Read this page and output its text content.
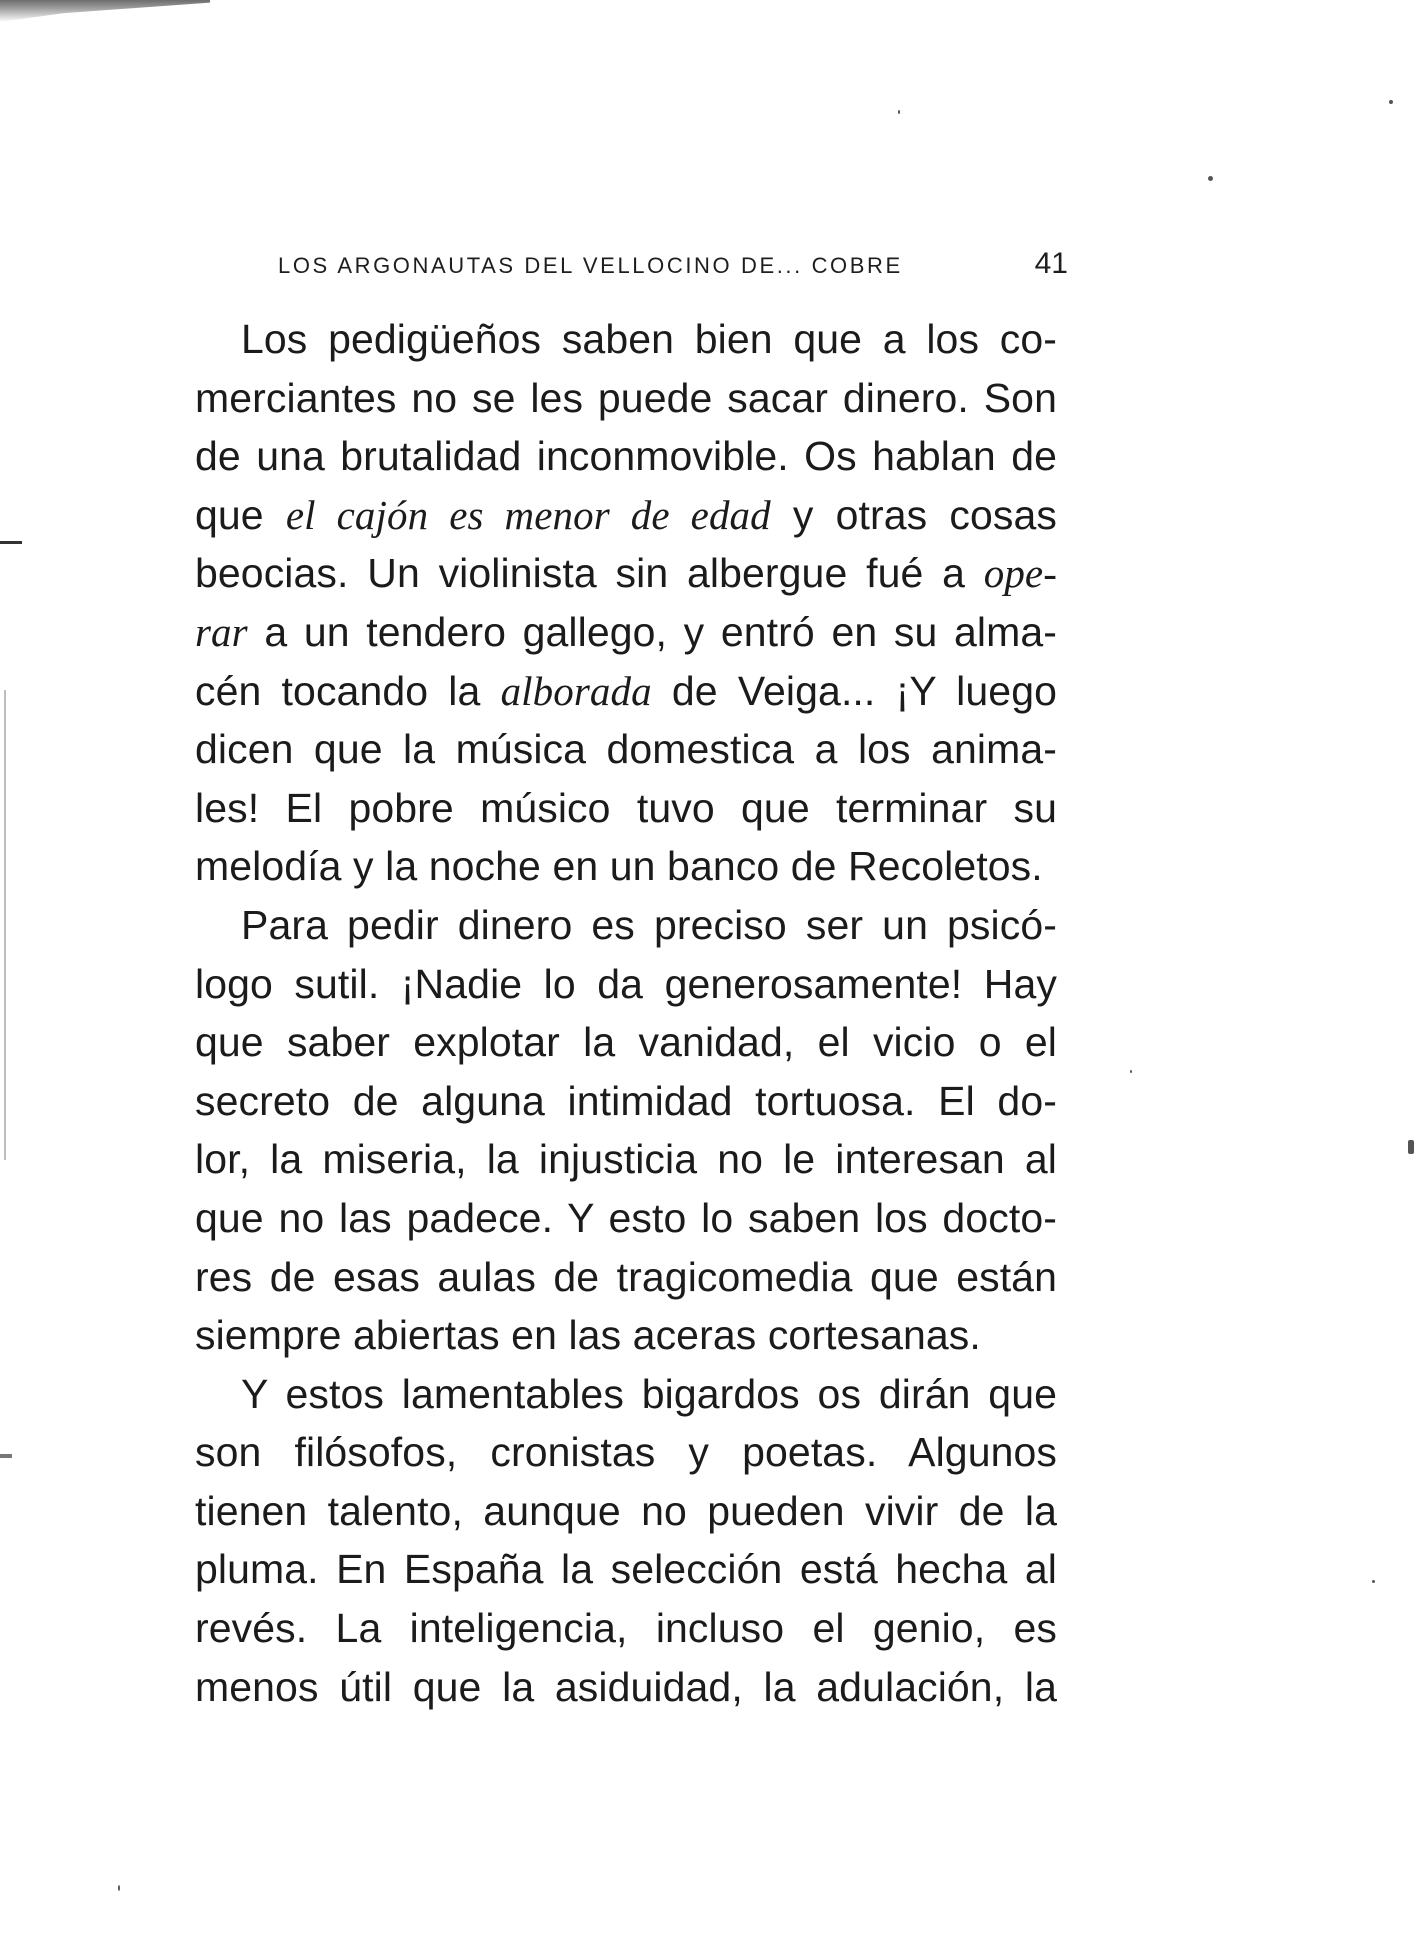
LOS ARGONAUTAS DEL VELLOCINO DE... COBRE	41
Los pedigüeños saben bien que a los co-
merciantes no se les puede sacar dinero. Son
de una brutalidad inconmovible. Os hablan de
que el cajón es menor de edad y otras cosas
beocias. Un violinista sin albergue fué a ope-
rar a un tendero gallego, y entró en su alma-
cén tocando la alborada de Veiga... ¡Y luego
dicen que la música domestica a los anima-
les! El pobre músico tuvo que terminar su
melodía y la noche en un banco de Recoletos.
Para pedir dinero es preciso ser un psicó-
logo sutil. ¡Nadie lo da generosamente! Hay
que saber explotar la vanidad, el vicio o el
secreto de alguna intimidad tortuosa. El do-
lor, la miseria, la injusticia no le interesan al
que no las padece. Y esto lo saben los docto-
res de esas aulas de tragicomedia que están
siempre abiertas en las aceras cortesanas.
Y estos lamentables bigardos os dirán que
son filósofos, cronistas y poetas. Algunos
tienen talento, aunque no pueden vivir de la
pluma. En España la selección está hecha al
revés. La inteligencia, incluso el genio, es
menos útil que la asiduidad, la adulación, la
